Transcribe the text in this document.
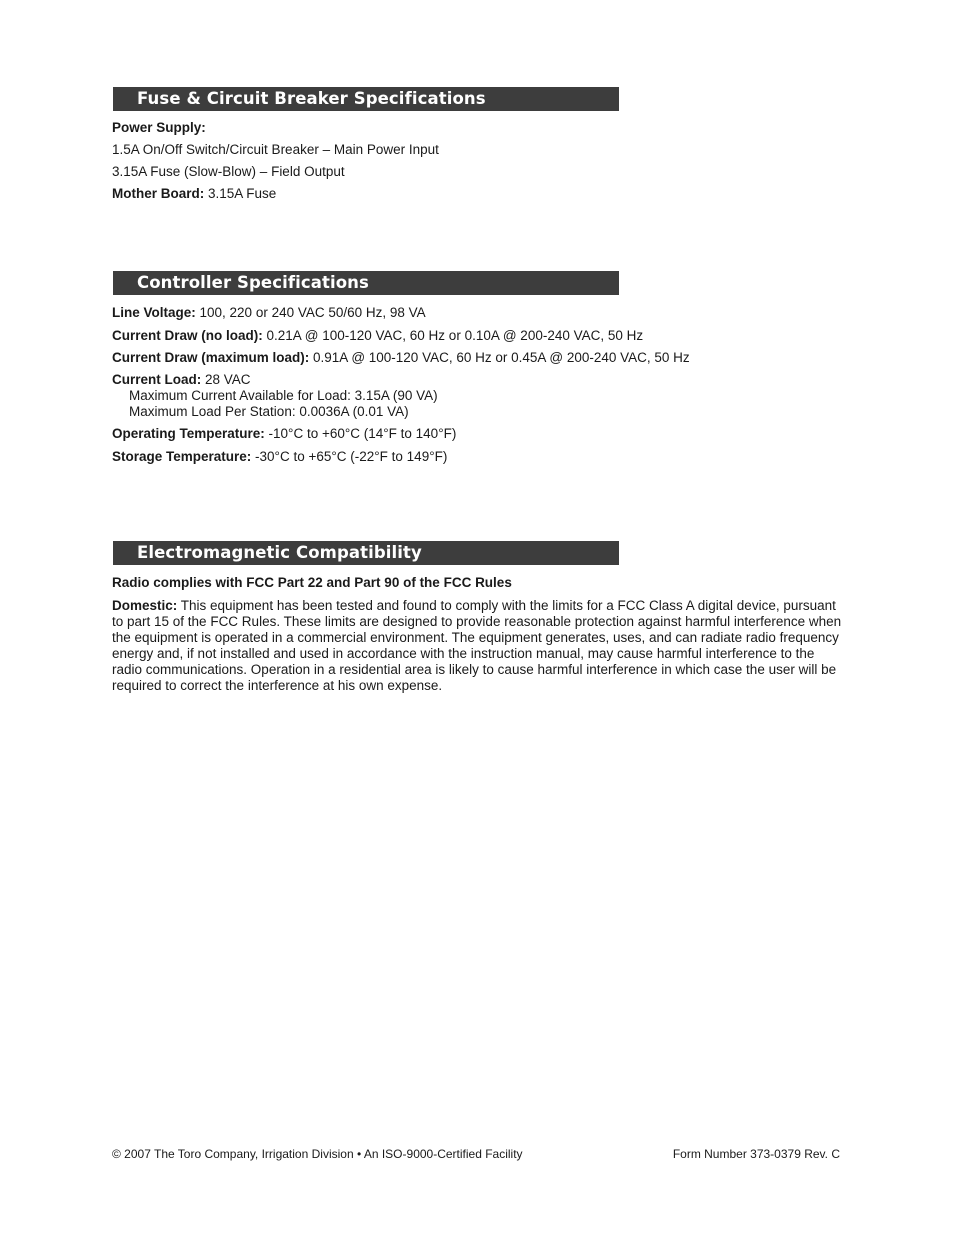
Fuse & Circuit Breaker Specifications
Power Supply:
1.5A On/Off Switch/Circuit Breaker – Main Power Input
3.15A Fuse (Slow-Blow) – Field Output
Mother Board: 3.15A Fuse
Controller Specifications
Line Voltage: 100, 220 or 240 VAC 50/60 Hz, 98 VA
Current Draw (no load): 0.21A @ 100-120 VAC, 60 Hz or 0.10A @ 200-240 VAC, 50 Hz
Current Draw (maximum load): 0.91A @ 100-120 VAC, 60 Hz or 0.45A @ 200-240 VAC, 50 Hz
Current Load: 28 VAC
Maximum Current Available for Load: 3.15A (90 VA)
Maximum Load Per Station: 0.0036A (0.01 VA)
Operating Temperature: -10°C to +60°C (14°F to 140°F)
Storage Temperature: -30°C to +65°C (-22°F to 149°F)
Electromagnetic Compatibility
Radio complies with FCC Part 22 and Part 90 of the FCC Rules
Domestic: This equipment has been tested and found to comply with the limits for a FCC Class A digital device, pursuant to part 15 of the FCC Rules. These limits are designed to provide reasonable protection against harmful interference when the equipment is operated in a commercial environment. The equipment generates, uses, and can radiate radio frequency energy and, if not installed and used in accordance with the instruction manual, may cause harmful interference to the radio communications. Operation in a residential area is likely to cause harmful interference in which case the user will be required to correct the interference at his own expense.
© 2007 The Toro Company, Irrigation Division • An ISO-9000-Certified Facility	Form Number 373-0379 Rev. C
